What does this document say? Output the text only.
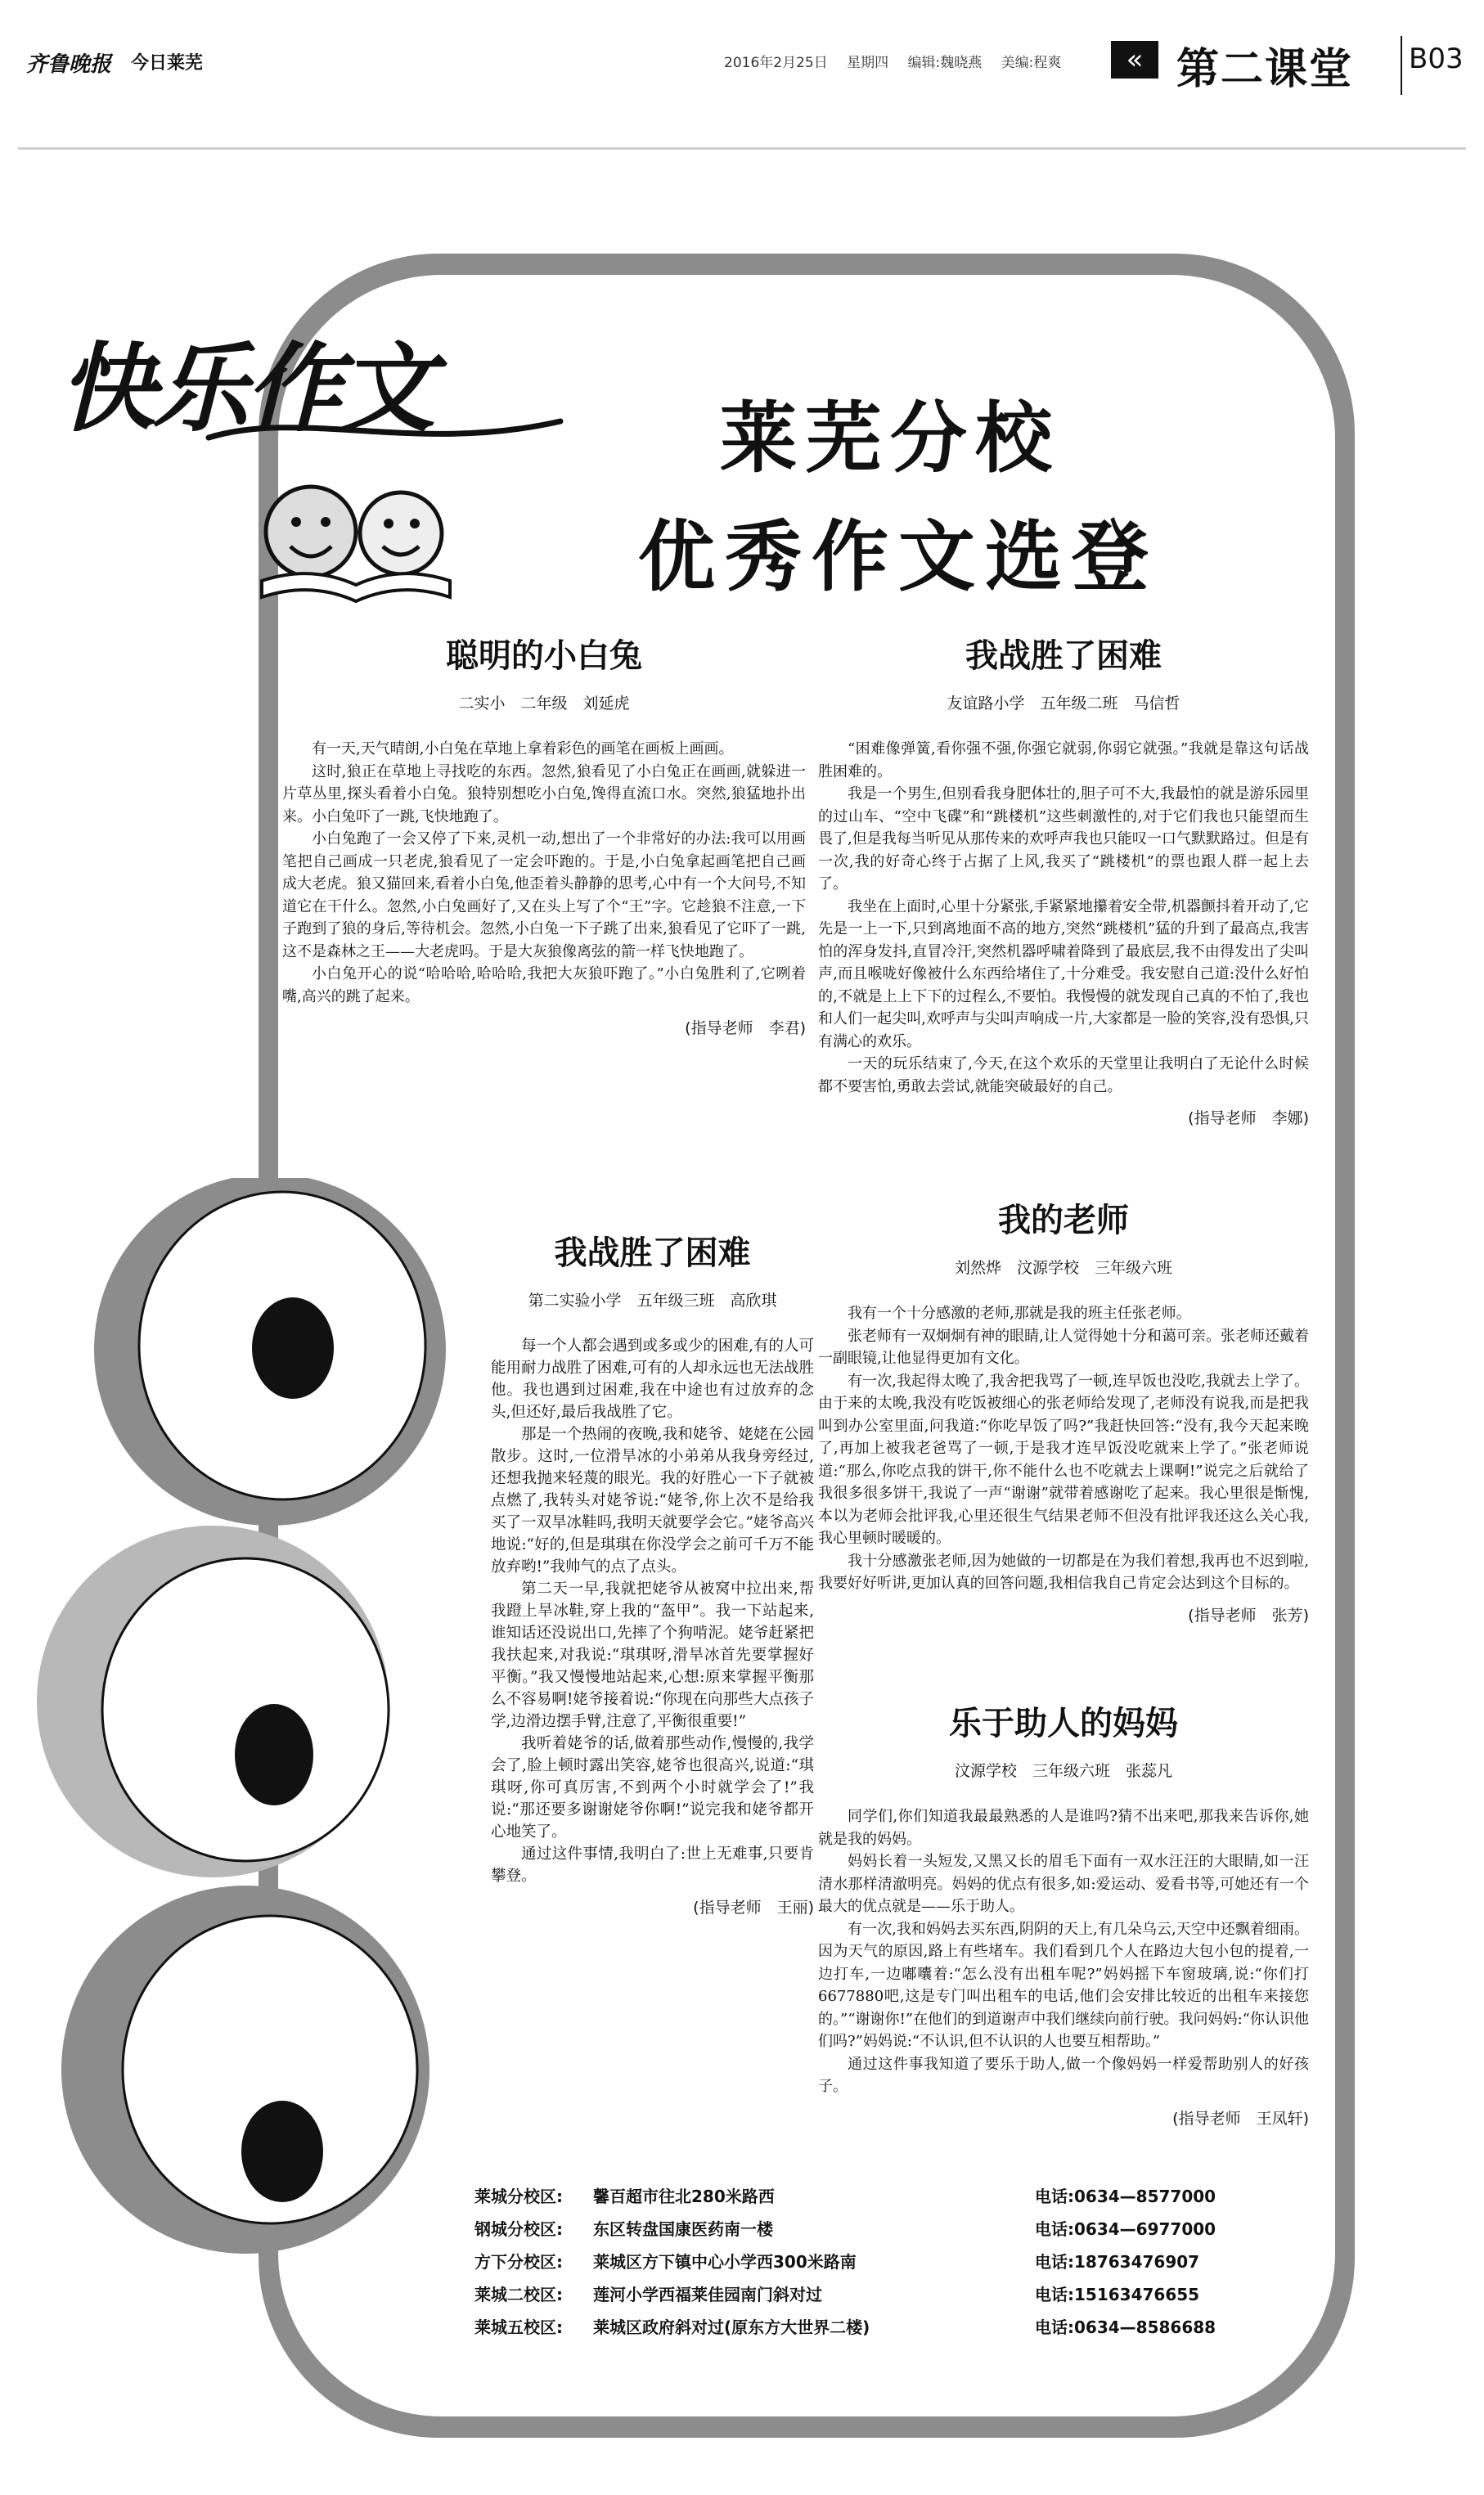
齐鲁晚报 今日莱芜	2016年2月25日 星期四 编辑:魏晓燕 美编:程爽	« 第二课堂 B03
快乐作文	莱芜分校
优秀作文选登
聪明的小白兔
二实小　二年级　刘延虎

有一天,天气晴朗,小白兔在草地上拿着彩色的画笔在画板上画画。

这时,狼正在草地上寻找吃的东西。忽然,狼看见了小白兔正在画画,就躲进一片草丛里,探头看着小白兔。狼特别想吃小白兔,馋得直流口水。突然,狼猛地扑出来。小白兔吓了一跳,飞快地跑了。

小白兔跑了一会又停了下来,灵机一动,想出了一个非常好的办法:我可以用画笔把自己画成一只老虎,狼看见了一定会吓跑的。于是,小白兔拿起画笔把自己画成大老虎。狼又猫回来,看着小白兔,他歪着头静静的思考,心中有一个大问号,不知道它在干什么。忽然,小白兔画好了,又在头上写了个“王”字。它趁狼不注意,一下子跑到了狼的身后,等待机会。忽然,小白兔一下子跳了出来,狼看见了它吓了一跳,这不是森林之王——大老虎吗。于是大灰狼像离弦的箭一样飞快地跑了。

小白兔开心的说“哈哈哈,哈哈哈,我把大灰狼吓跑了。”小白兔胜利了,它咧着嘴,高兴的跳了起来。

(指导老师　李君)
我战胜了困难
友谊路小学　五年级二班　马信哲

“困难像弹簧,看你强不强,你强它就弱,你弱它就强。”我就是靠这句话战胜困难的。

我是一个男生,但别看我身肥体壮的,胆子可不大,我最怕的就是游乐园里的过山车、“空中飞碟”和“跳楼机”这些刺激性的,对于它们我也只能望而生畏了,但是我每当听见从那传来的欢呼声我也只能叹一口气默默路过。但是有一次,我的好奇心终于占据了上风,我买了“跳楼机”的票也跟人群一起上去了。

我坐在上面时,心里十分紧张,手紧紧地攥着安全带,机器颤抖着开动了,它先是一上一下,只到离地面不高的地方,突然“跳楼机”猛的升到了最高点,我害怕的浑身发抖,直冒冷汗,突然机器呼啸着降到了最底层,我不由得发出了尖叫声,而且喉咙好像被什么东西给堵住了,十分难受。我安慰自己道:没什么好怕的,不就是上上下下的过程么,不要怕。我慢慢的就发现自己真的不怕了,我也和人们一起尖叫,欢呼声与尖叫声响成一片,大家都是一脸的笑容,没有恐惧,只有满心的欢乐。

一天的玩乐结束了,今天,在这个欢乐的天堂里让我明白了无论什么时候都不要害怕,勇敢去尝试,就能突破最好的自己。

(指导老师　李娜)
我战胜了困难
第二实验小学　五年级三班　高欣琪

每一个人都会遇到或多或少的困难,有的人可能用耐力战胜了困难,可有的人却永远也无法战胜他。我也遇到过困难,我在中途也有过放弃的念头,但还好,最后我战胜了它。

那是一个热闹的夜晚,我和姥爷、姥姥在公园散步。这时,一位滑旱冰的小弟弟从我身旁经过,还想我抛来轻蔑的眼光。我的好胜心一下子就被点燃了,我转头对姥爷说:“姥爷,你上次不是给我买了一双旱冰鞋吗,我明天就要学会它。”姥爷高兴地说:“好的,但是琪琪在你没学会之前可千万不能放弃哟!”我帅气的点了点头。

第二天一早,我就把姥爷从被窝中拉出来,帮我蹬上旱冰鞋,穿上我的“盔甲”。我一下站起来,谁知话还没说出口,先摔了个狗啃泥。姥爷赶紧把我扶起来,对我说:“琪琪呀,滑旱冰首先要掌握好平衡。”我又慢慢地站起来,心想:原来掌握平衡那么不容易啊!姥爷接着说:“你现在向那些大点孩子学,边滑边摆手臂,注意了,平衡很重要!”

我听着姥爷的话,做着那些动作,慢慢的,我学会了,脸上顿时露出笑容,姥爷也很高兴,说道:“琪琪呀,你可真厉害,不到两个小时就学会了!”我说:“那还要多谢谢姥爷你啊!”说完我和姥爷都开心地笑了。

通过这件事情,我明白了:世上无难事,只要肯攀登。

(指导老师　王丽)
我的老师
刘然烨　汶源学校　三年级六班

我有一个十分感激的老师,那就是我的班主任张老师。

张老师有一双炯炯有神的眼睛,让人觉得她十分和蔼可亲。张老师还戴着一副眼镜,让他显得更加有文化。

有一次,我起得太晚了,我舍把我骂了一顿,连早饭也没吃,我就去上学了。由于来的太晚,我没有吃饭被细心的张老师给发现了,老师没有说我,而是把我叫到办公室里面,问我道:“你吃早饭了吗?”我赶快回答:“没有,我今天起来晚了,再加上被我老爸骂了一顿,于是我才连早饭没吃就来上学了。”张老师说道:“那么,你吃点我的饼干,你不能什么也不吃就去上课啊!”说完之后就给了我很多很多饼干,我说了一声“谢谢”就带着感谢吃了起来。我心里很是惭愧,本以为老师会批评我,心里还很生气结果老师不但没有批评我还这么关心我,我心里顿时暖暖的。

我十分感激张老师,因为她做的一切都是在为我们着想,我再也不迟到啦,我要好好听讲,更加认真的回答问题,我相信我自己肯定会达到这个目标的。

(指导老师　张芳)
乐于助人的妈妈
汶源学校　三年级六班　张蕊凡

同学们,你们知道我最最熟悉的人是谁吗?猜不出来吧,那我来告诉你,她就是我的妈妈。

妈妈长着一头短发,又黑又长的眉毛下面有一双水汪汪的大眼睛,如一汪清水那样清澈明亮。妈妈的优点有很多,如:爱运动、爱看书等,可她还有一个最大的优点就是——乐于助人。

有一次,我和妈妈去买东西,阴阴的天上,有几朵乌云,天空中还飘着细雨。因为天气的原因,路上有些堵车。我们看到几个人在路边大包小包的提着,一边打车,一边嘟囔着:“怎么没有出租车呢?”妈妈摇下车窗玻璃,说:“你们打6677880吧,这是专门叫出租车的电话,他们会安排比较近的出租车来接您的。”“谢谢你!”在他们的到道谢声中我们继续向前行驶。我问妈妈:“你认识他们吗?”妈妈说:“不认识,但不认识的人也要互相帮助。”

通过这件事我知道了要乐于助人,做一个像妈妈一样爱帮助别人的好孩子。

(指导老师　王凤轩)
莱城分校区:	馨百超市往北280米路西	电话:0634—8577000
钢城分校区:	东区转盘国康医药南一楼	电话:0634—6977000
方下分校区:	莱城区方下镇中心小学西300米路南	电话:18763476907
莱城二校区:	莲河小学西福莱佳园南门斜对过	电话:15163476655
莱城五校区:	莱城区政府斜对过(原东方大世界二楼)	电话:0634—8586688
